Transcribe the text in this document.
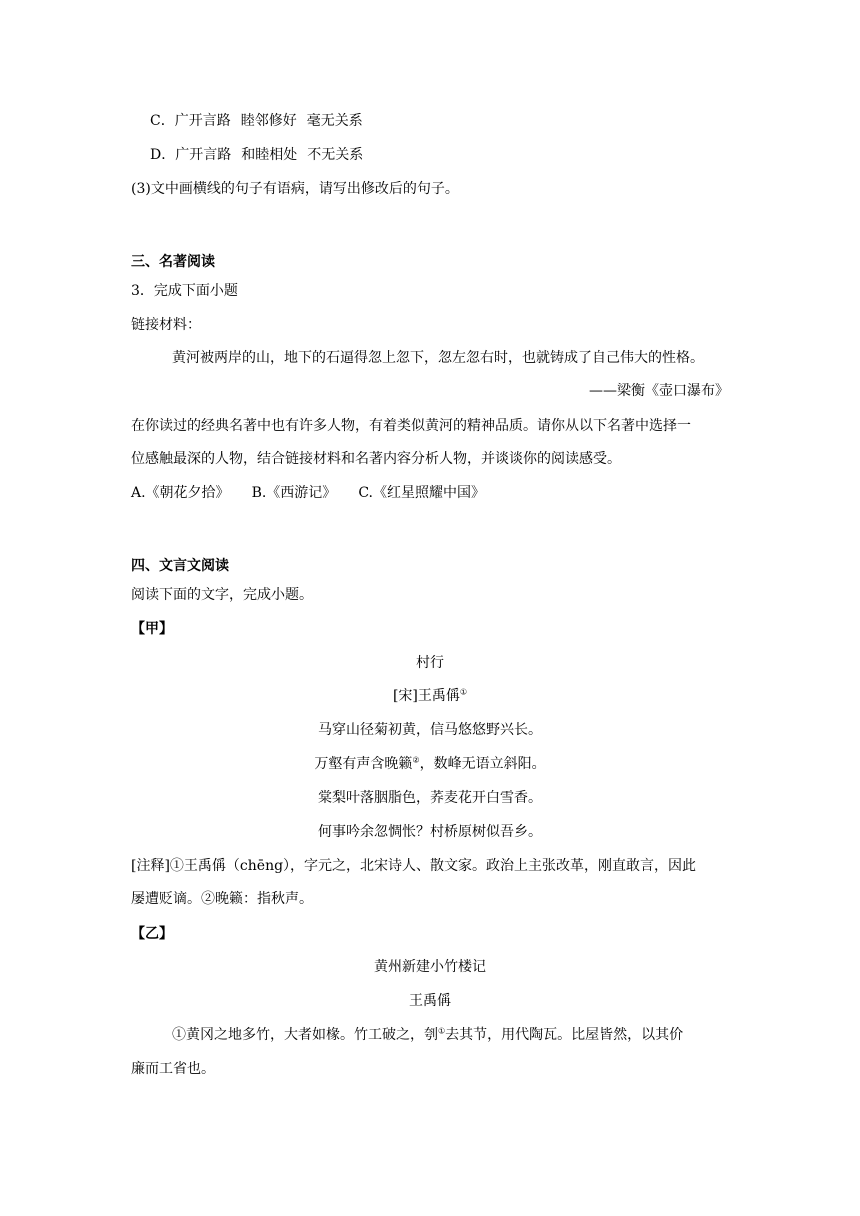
C．广开言路 睦邻修好 毫无关系
D．广开言路 和睦相处 不无关系
(3)文中画横线的句子有语病，请写出修改后的句子。
三、名著阅读
3．完成下面小题
链接材料：
黄河被两岸的山，地下的石逼得忽上忽下，忽左忽右时，也就铸成了自己伟大的性格。
——梁衡《壶口瀑布》
在你读过的经典名著中也有许多人物，有着类似黄河的精神品质。请你从以下名著中选择一
位感触最深的人物，结合链接材料和名著内容分析人物，并谈谈你的阅读感受。
A.《朝花夕拾》 B.《西游记》 C.《红星照耀中国》
四、文言文阅读
阅读下面的文字，完成小题。
【甲】
村行
[宋]王禹偁①
马穿山径菊初黄，信马悠悠野兴长。
万壑有声含晚籁②，数峰无语立斜阳。
棠梨叶落胭脂色，荞麦花开白雪香。
何事吟余忽惆怅？村桥原树似吾乡。
[注释]①王禹偁（chēng），字元之，北宋诗人、散文家。政治上主张改革，刚直敢言，因此
屡遭贬谪。②晚籁：指秋声。
【乙】
黄州新建小竹楼记
王禹偁
①黄冈之地多竹，大者如椽。竹工破之，刳①去其节，用代陶瓦。比屋皆然，以其价
廉而工省也。
